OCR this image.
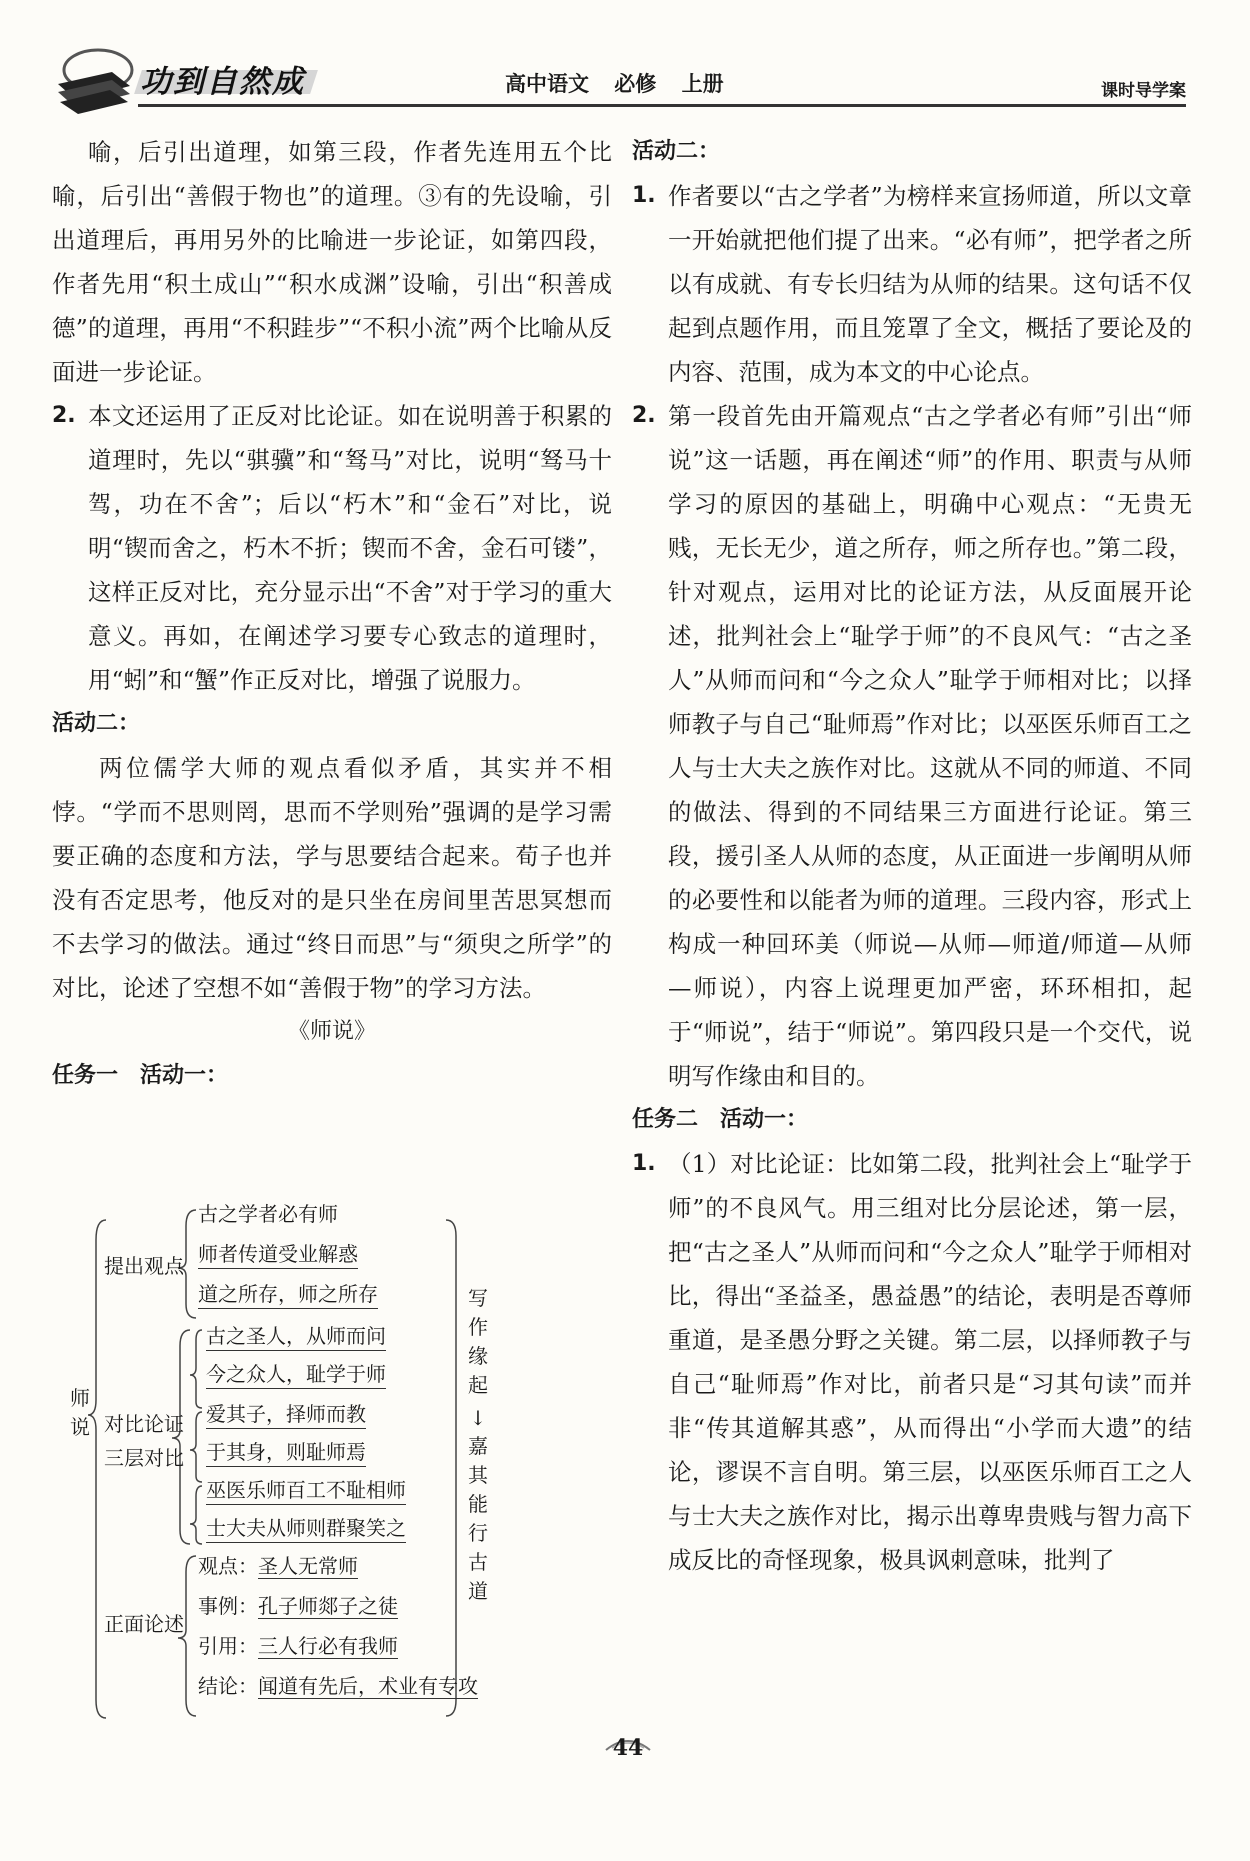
功到自然成	高中语文 必修 上册	课时导学案

喻，后引出道理，如第三段，作者先连用五个比喻，后引出“善假于物也”的道理。③有的先设喻，引出道理后，再用另外的比喻进一步论证，如第四段，作者先用“积土成山”“积水成渊”设喻，引出“积善成德”的道理，再用“不积跬步”“不积小流”两个比喻从反面进一步论证。

2. 本文还运用了正反对比论证。如在说明善于积累的道理时，先以“骐骥”和“驽马”对比，说明“驽马十驾，功在不舍”；后以“朽木”和“金石”对比，说明“锲而舍之，朽木不折；锲而不舍，金石可镂”，这样正反对比，充分显示出“不舍”对于学习的重大意义。再如，在阐述学习要专心致志的道理时，用“蚓”和“蟹”作正反对比，增强了说服力。

活动二：

两位儒学大师的观点看似矛盾，其实并不相悖。“学而不思则罔，思而不学则殆”强调的是学习需要正确的态度和方法，学与思要结合起来。荀子也并没有否定思考，他反对的是只坐在房间里苦思冥想而不去学习的做法。通过“终日而思”与“须臾之所学”的对比，论述了空想不如“善假于物”的学习方法。

《师说》

任务一　活动一：

师说
提出观点
古之学者必有师
师者传道受业解惑
道之所存，师之所存
对比论证
三层对比
古之圣人，从师而问
今之众人，耻学于师
爱其子，择师而教
于其身，则耻师焉
巫医乐师百工不耻相师
士大夫从师则群聚笑之
正面论述
观点：圣人无常师
事例：孔子师郯子之徒
引用：三人行必有我师
结论：闻道有先后，术业有专攻
写作缘起
↓
嘉其能行古道

活动二：

1. 作者要以“古之学者”为榜样来宣扬师道，所以文章一开始就把他们提了出来。“必有师”，把学者之所以有成就、有专长归结为从师的结果。这句话不仅起到点题作用，而且笼罩了全文，概括了要论及的内容、范围，成为本文的中心论点。

2. 第一段首先由开篇观点“古之学者必有师”引出“师说”这一话题，再在阐述“师”的作用、职责与从师学习的原因的基础上，明确中心观点：“无贵无贱，无长无少，道之所存，师之所存也。”第二段，针对观点，运用对比的论证方法，从反面展开论述，批判社会上“耻学于师”的不良风气：“古之圣人”从师而问和“今之众人”耻学于师相对比；以择师教子与自己“耻师焉”作对比；以巫医乐师百工之人与士大夫之族作对比。这就从不同的师道、不同的做法、得到的不同结果三方面进行论证。第三段，援引圣人从师的态度，从正面进一步阐明从师的必要性和以能者为师的道理。三段内容，形式上构成一种回环美（师说—从师—师道/师道—从师—师说），内容上说理更加严密，环环相扣，起于“师说”，结于“师说”。第四段只是一个交代，说明写作缘由和目的。

任务二　活动一：

1. （1）对比论证：比如第二段，批判社会上“耻学于师”的不良风气。用三组对比分层论述，第一层，把“古之圣人”从师而问和“今之众人”耻学于师相对比，得出“圣益圣，愚益愚”的结论，表明是否尊师重道，是圣愚分野之关键。第二层，以择师教子与自己“耻师焉”作对比，前者只是“习其句读”而并非“传其道解其惑”，从而得出“小学而大遗”的结论，谬误不言自明。第三层，以巫医乐师百工之人与士大夫之族作对比，揭示出尊卑贵贱与智力高下成反比的奇怪现象，极具讽刺意味，批判了

44
